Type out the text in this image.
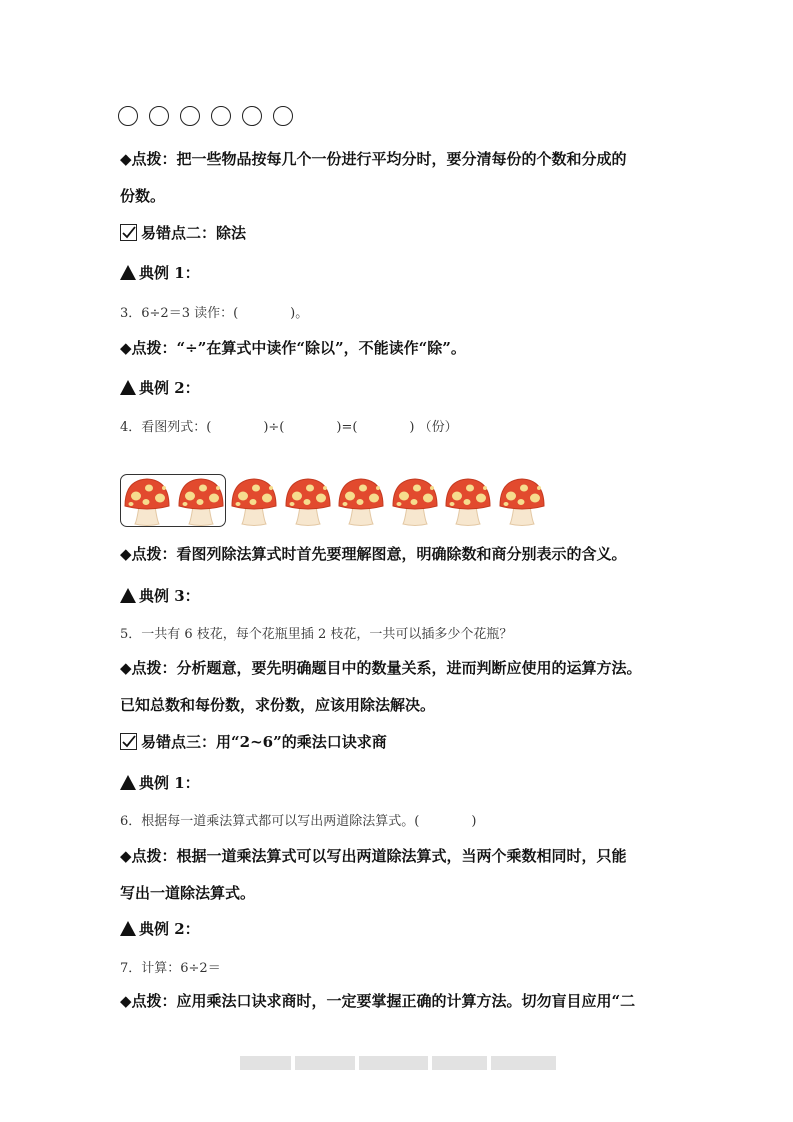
◆点拨：把一些物品按每几个一份进行平均分时，要分清每份的个数和分成的
份数。
易错点二：除法
典例 1：
3．6÷2＝3 读作：(　　　　)。
◆点拨：“÷”在算式中读作“除以”，不能读作“除”。
典例 2：
4．看图列式：(　　　　)÷(　　　　)=(　　　　) （份）
◆点拨：看图列除法算式时首先要理解图意，明确除数和商分别表示的含义。
典例 3：
5．一共有 6 枝花，每个花瓶里插 2 枝花，一共可以插多少个花瓶？
◆点拨：分析题意，要先明确题目中的数量关系，进而判断应使用的运算方法。
已知总数和每份数，求份数，应该用除法解决。
易错点三：用“2~6”的乘法口诀求商
典例 1：
6．根据每一道乘法算式都可以写出两道除法算式。(　　　　)
◆点拨：根据一道乘法算式可以写出两道除法算式，当两个乘数相同时，只能
写出一道除法算式。
典例 2：
7．计算：6÷2＝
◆点拨：应用乘法口诀求商时，一定要掌握正确的计算方法。切勿盲目应用“二
